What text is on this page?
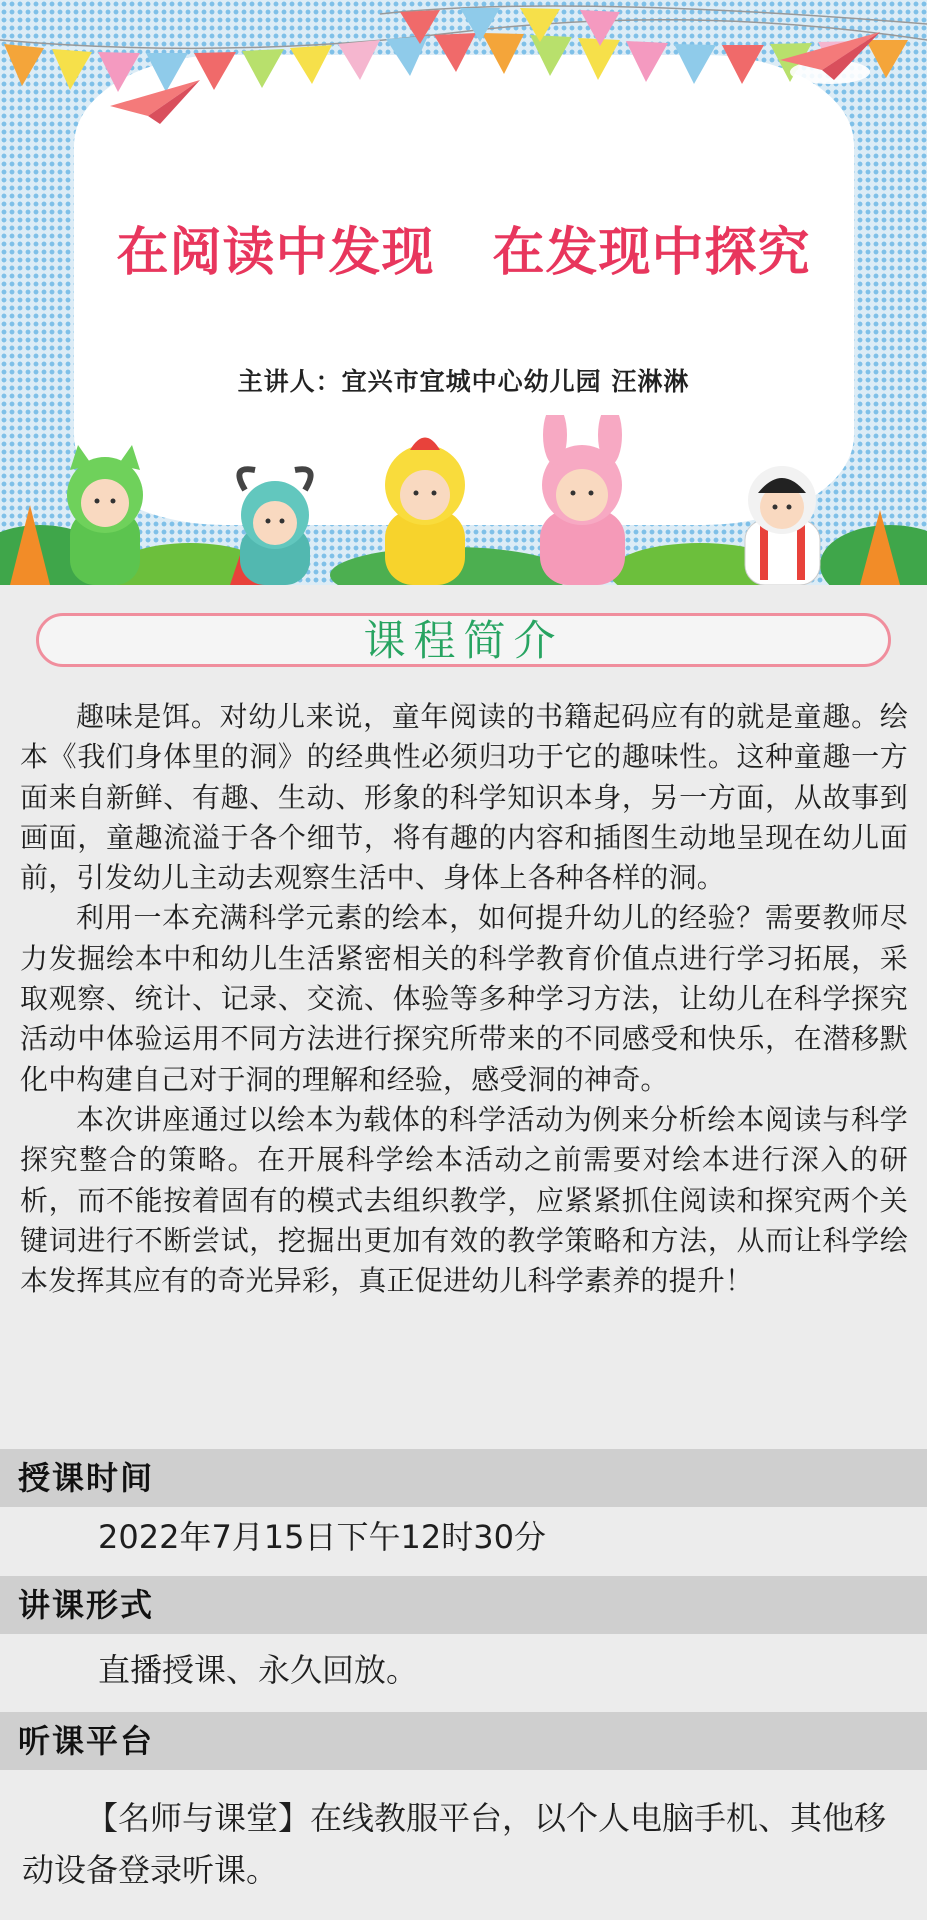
在阅读中发现 在发现中探究
主讲人：宜兴市宜城中心幼儿园 汪淋淋
课程简介

趣味是饵。对幼儿来说，童年阅读的书籍起码应有的就是童趣。绘本《我们身体里的洞》的经典性必须归功于它的趣味性。这种童趣一方面来自新鲜、有趣、生动、形象的科学知识本身，另一方面，从故事到画面，童趣流溢于各个细节，将有趣的内容和插图生动地呈现在幼儿面前，引发幼儿主动去观察生活中、身体上各种各样的洞。

利用一本充满科学元素的绘本，如何提升幼儿的经验？需要教师尽力发掘绘本中和幼儿生活紧密相关的科学教育价值点进行学习拓展，采取观察、统计、记录、交流、体验等多种学习方法，让幼儿在科学探究活动中体验运用不同方法进行探究所带来的不同感受和快乐，在潜移默化中构建自己对于洞的理解和经验，感受洞的神奇。

本次讲座通过以绘本为载体的科学活动为例来分析绘本阅读与科学探究整合的策略。在开展科学绘本活动之前需要对绘本进行深入的研析，而不能按着固有的模式去组织教学，应紧紧抓住阅读和探究两个关键词进行不断尝试，挖掘出更加有效的教学策略和方法，从而让科学绘本发挥其应有的奇光异彩，真正促进幼儿科学素养的提升！

授课时间
2022年7月15日下午12时30分
讲课形式
直播授课、永久回放。
听课平台
【名师与课堂】在线教服平台，以个人电脑手机、其他移动设备登录听课。
